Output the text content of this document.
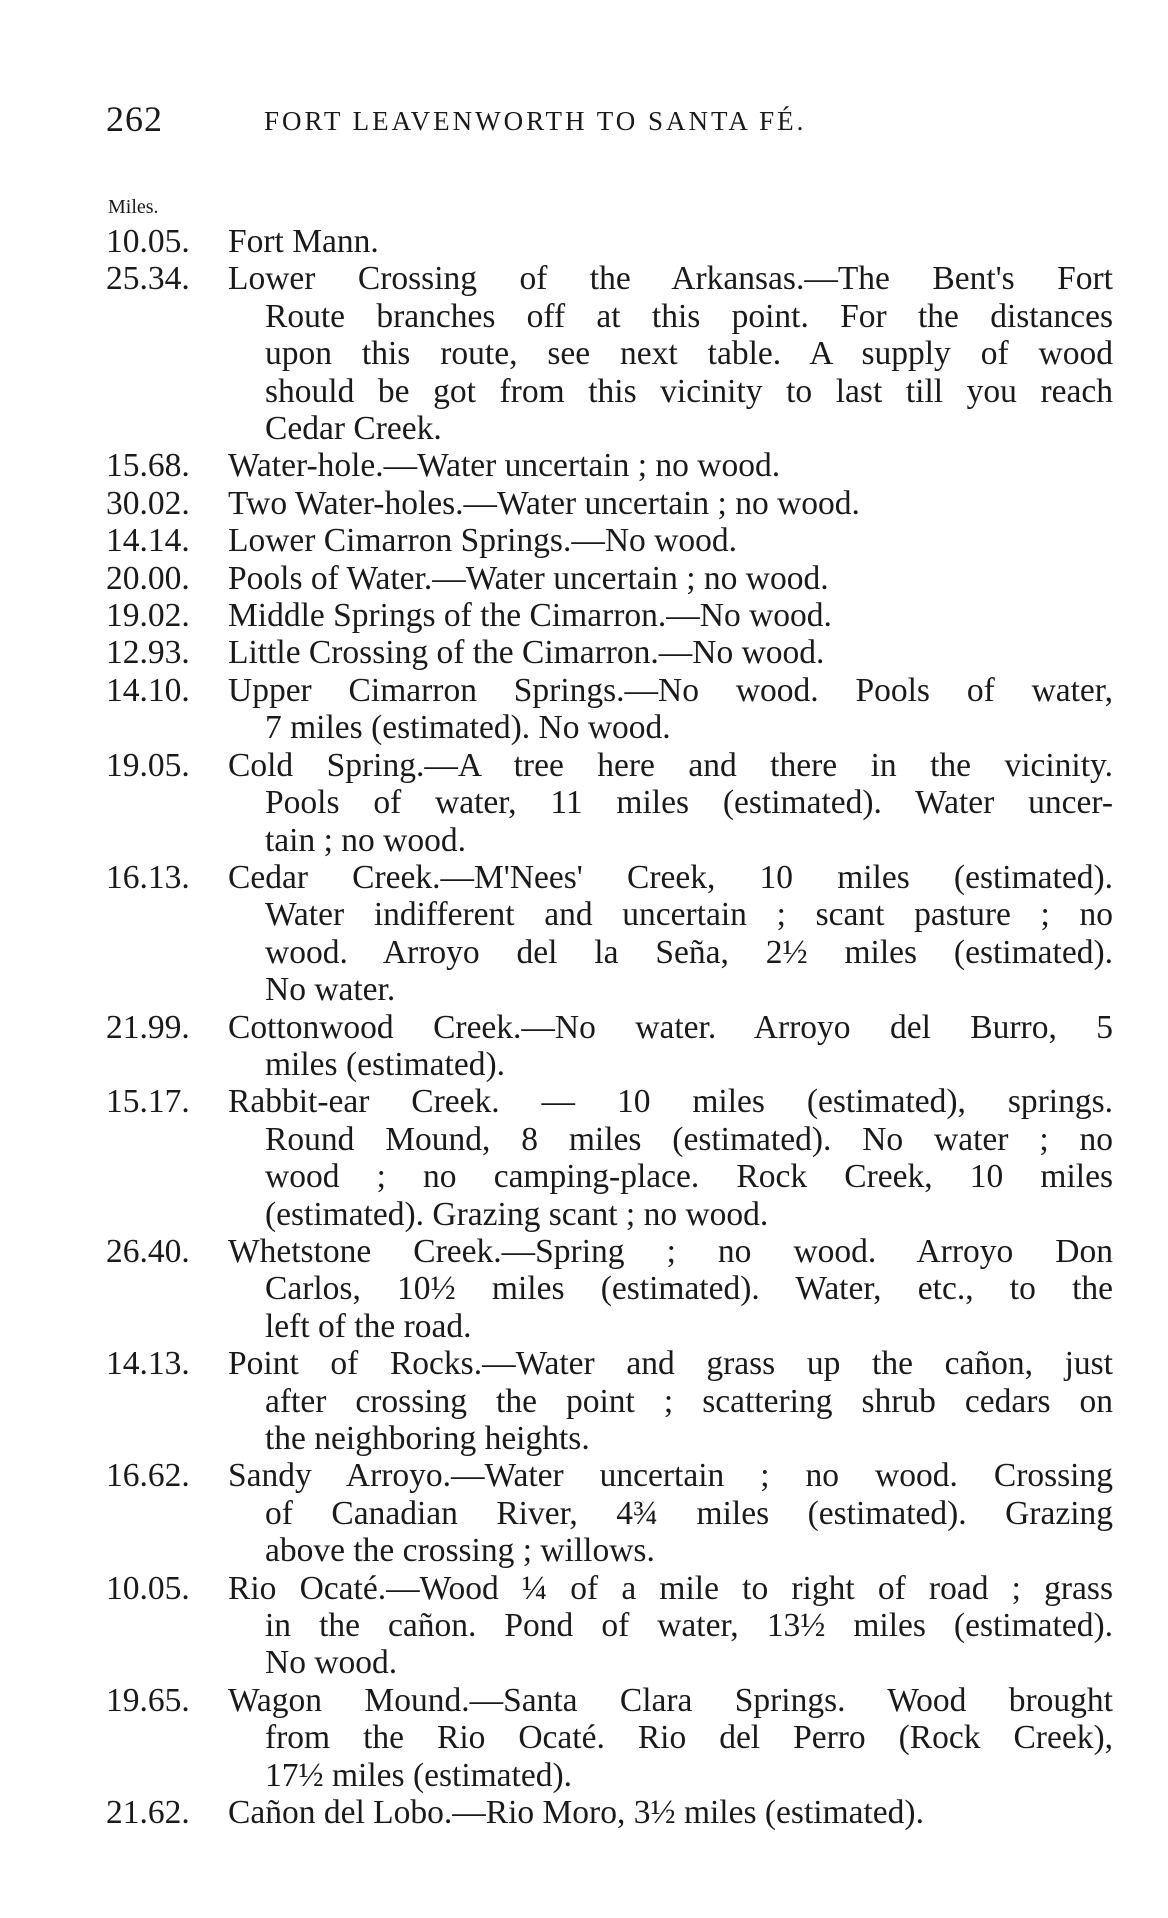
262	FORT LEAVENWORTH TO SANTA FÉ.
Miles.
10.05.	Fort Mann.
25.34.	Lower Crossing of the Arkansas.—The Bent's Fort
Route branches off at this point. For the distances
upon this route, see next table. A supply of wood
should be got from this vicinity to last till you reach
Cedar Creek.
15.68.	Water-hole.—Water uncertain ; no wood.
30.02.	Two Water-holes.—Water uncertain ; no wood.
14.14.	Lower Cimarron Springs.—No wood.
20.00.	Pools of Water.—Water uncertain ; no wood.
19.02.	Middle Springs of the Cimarron.—No wood.
12.93.	Little Crossing of the Cimarron.—No wood.
14.10.	Upper Cimarron Springs.—No wood. Pools of water,
7 miles (estimated). No wood.
19.05.	Cold Spring.—A tree here and there in the vicinity.
Pools of water, 11 miles (estimated). Water uncer-
tain ; no wood.
16.13.	Cedar Creek.—M'Nees' Creek, 10 miles (estimated).
Water indifferent and uncertain ; scant pasture ; no
wood. Arroyo del la Seña, 2½ miles (estimated).
No water.
21.99.	Cottonwood Creek.—No water. Arroyo del Burro, 5
miles (estimated).
15.17.	Rabbit-ear Creek. — 10 miles (estimated), springs.
Round Mound, 8 miles (estimated). No water ; no
wood ; no camping-place. Rock Creek, 10 miles
(estimated). Grazing scant ; no wood.
26.40.	Whetstone Creek.—Spring ; no wood. Arroyo Don
Carlos, 10½ miles (estimated). Water, etc., to the
left of the road.
14.13.	Point of Rocks.—Water and grass up the cañon, just
after crossing the point ; scattering shrub cedars on
the neighboring heights.
16.62.	Sandy Arroyo.—Water uncertain ; no wood. Crossing
of Canadian River, 4¾ miles (estimated). Grazing
above the crossing ; willows.
10.05.	Rio Ocaté.—Wood ¼ of a mile to right of road ; grass
in the cañon. Pond of water, 13½ miles (estimated).
No wood.
19.65.	Wagon Mound.—Santa Clara Springs. Wood brought
from the Rio Ocaté. Rio del Perro (Rock Creek),
17½ miles (estimated).
21.62.	Cañon del Lobo.—Rio Moro, 3½ miles (estimated).
